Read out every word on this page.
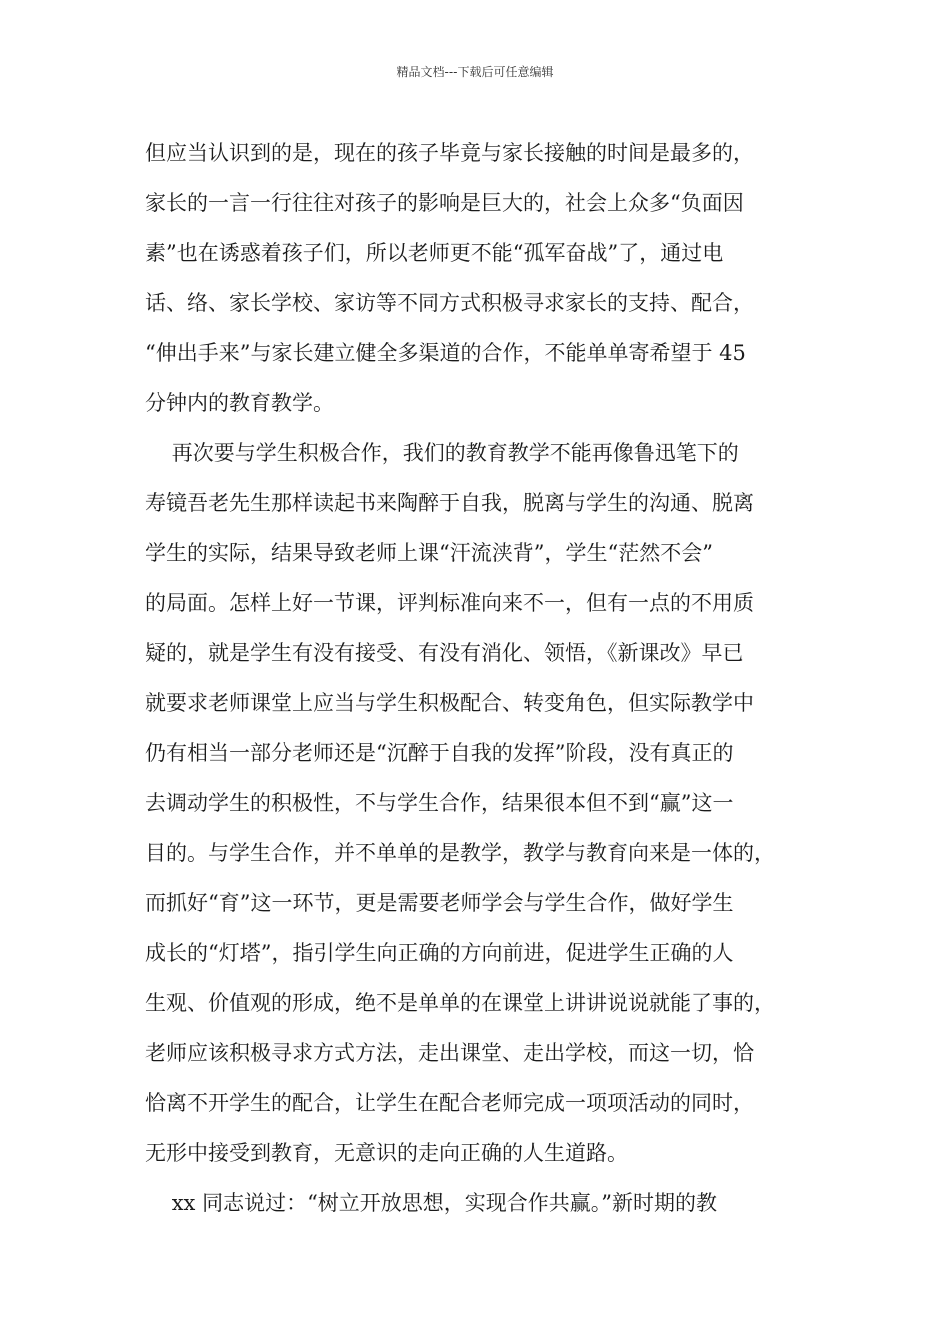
精品文档---下载后可任意编辑
但应当认识到的是，现在的孩子毕竟与家长接触的时间是最多的，
家长的一言一行往往对孩子的影响是巨大的，社会上众多“负面因
素”也在诱惑着孩子们，所以老师更不能“孤军奋战”了，通过电
话、络、家长学校、家访等不同方式积极寻求家长的支持、配合，
“伸出手来”与家长建立健全多渠道的合作，不能单单寄希望于 45
分钟内的教育教学。
再次要与学生积极合作，我们的教育教学不能再像鲁迅笔下的
寿镜吾老先生那样读起书来陶醉于自我，脱离与学生的沟通、脱离
学生的实际，结果导致老师上课“汗流浃背”，学生“茫然不会”
的局面。怎样上好一节课，评判标准向来不一，但有一点的不用质
疑的，就是学生有没有接受、有没有消化、领悟，《新课改》早已
就要求老师课堂上应当与学生积极配合、转变角色，但实际教学中
仍有相当一部分老师还是“沉醉于自我的发挥”阶段，没有真正的
去调动学生的积极性，不与学生合作，结果很本但不到“赢”这一
目的。与学生合作，并不单单的是教学，教学与教育向来是一体的，
而抓好“育”这一环节，更是需要老师学会与学生合作，做好学生
成长的“灯塔”，指引学生向正确的方向前进，促进学生正确的人
生观、价值观的形成，绝不是单单的在课堂上讲讲说说就能了事的，
老师应该积极寻求方式方法，走出课堂、走出学校，而这一切，恰
恰离不开学生的配合，让学生在配合老师完成一项项活动的同时，
无形中接受到教育，无意识的走向正确的人生道路。
xx 同志说过：“树立开放思想，实现合作共赢。”新时期的教
